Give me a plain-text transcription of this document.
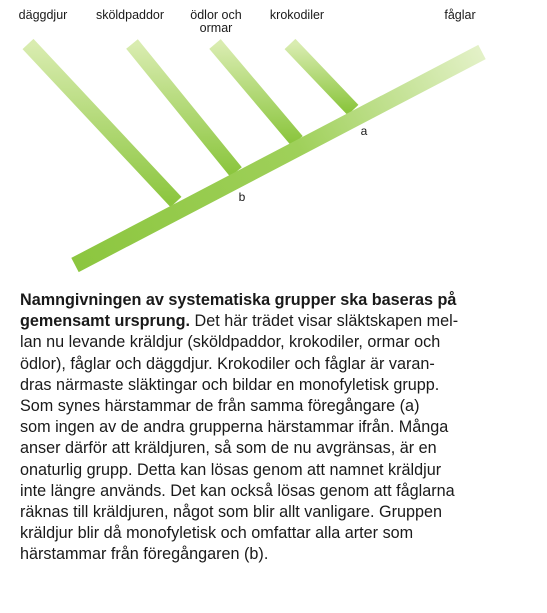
däggdjur sköldpaddor ödlor och ormar
krokodiler	fåglar
a
b
Namngivningen av systematiska grupper ska baseras på
gemensamt ursprung. Det här trädet visar släktskapen mel-
lan nu levande kräldjur (sköldpaddor, krokodiler, ormar och
ödlor), fåglar och däggdjur. Krokodiler och fåglar är varan-
dras närmaste släktingar och bildar en monofyletisk grupp.
Som synes härstammar de från samma föregångare (a)
som ingen av de andra grupperna härstammar ifrån. Många
anser därför att kräldjuren, så som de nu avgränsas, är en
onaturlig grupp. Detta kan lösas genom att namnet kräldjur
inte längre används. Det kan också lösas genom att fåglarna
räknas till kräldjuren, något som blir allt vanligare. Gruppen
kräldjur blir då monofyletisk och omfattar alla arter som
härstammar från föregångaren (b).
